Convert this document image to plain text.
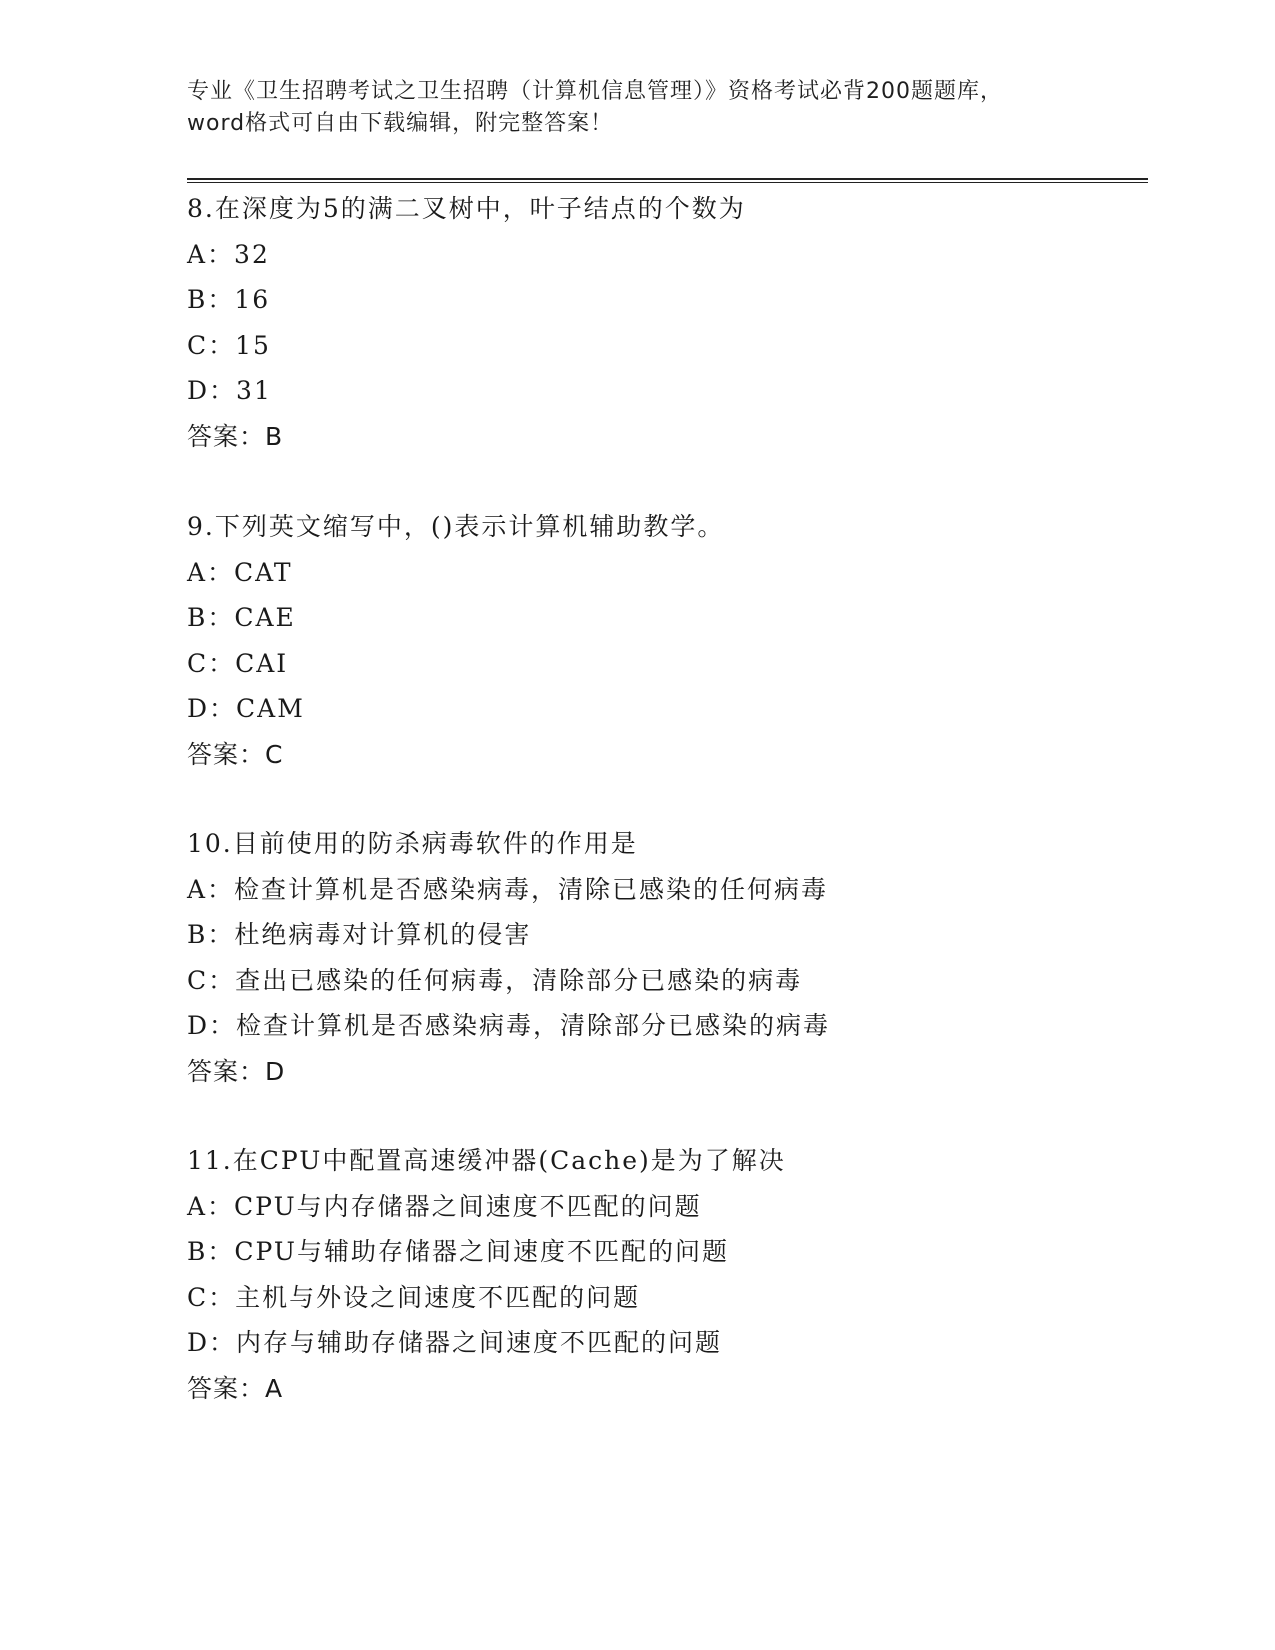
专业《卫生招聘考试之卫生招聘（计算机信息管理）》资格考试必背200题题库，
word格式可自由下载编辑，附完整答案！
8.在深度为5的满二叉树中，叶子结点的个数为
A：32
B：16
C：15
D：31
答案：B
9.下列英文缩写中，()表示计算机辅助教学。
A：CAT
B：CAE
C：CAI
D：CAM
答案：C
10.目前使用的防杀病毒软件的作用是
A：检查计算机是否感染病毒，清除已感染的任何病毒
B：杜绝病毒对计算机的侵害
C：查出已感染的任何病毒，清除部分已感染的病毒
D：检查计算机是否感染病毒，清除部分已感染的病毒
答案：D
11.在CPU中配置高速缓冲器(Cache)是为了解决
A：CPU与内存储器之间速度不匹配的问题
B：CPU与辅助存储器之间速度不匹配的问题
C：主机与外设之间速度不匹配的问题
D：内存与辅助存储器之间速度不匹配的问题
答案：A
